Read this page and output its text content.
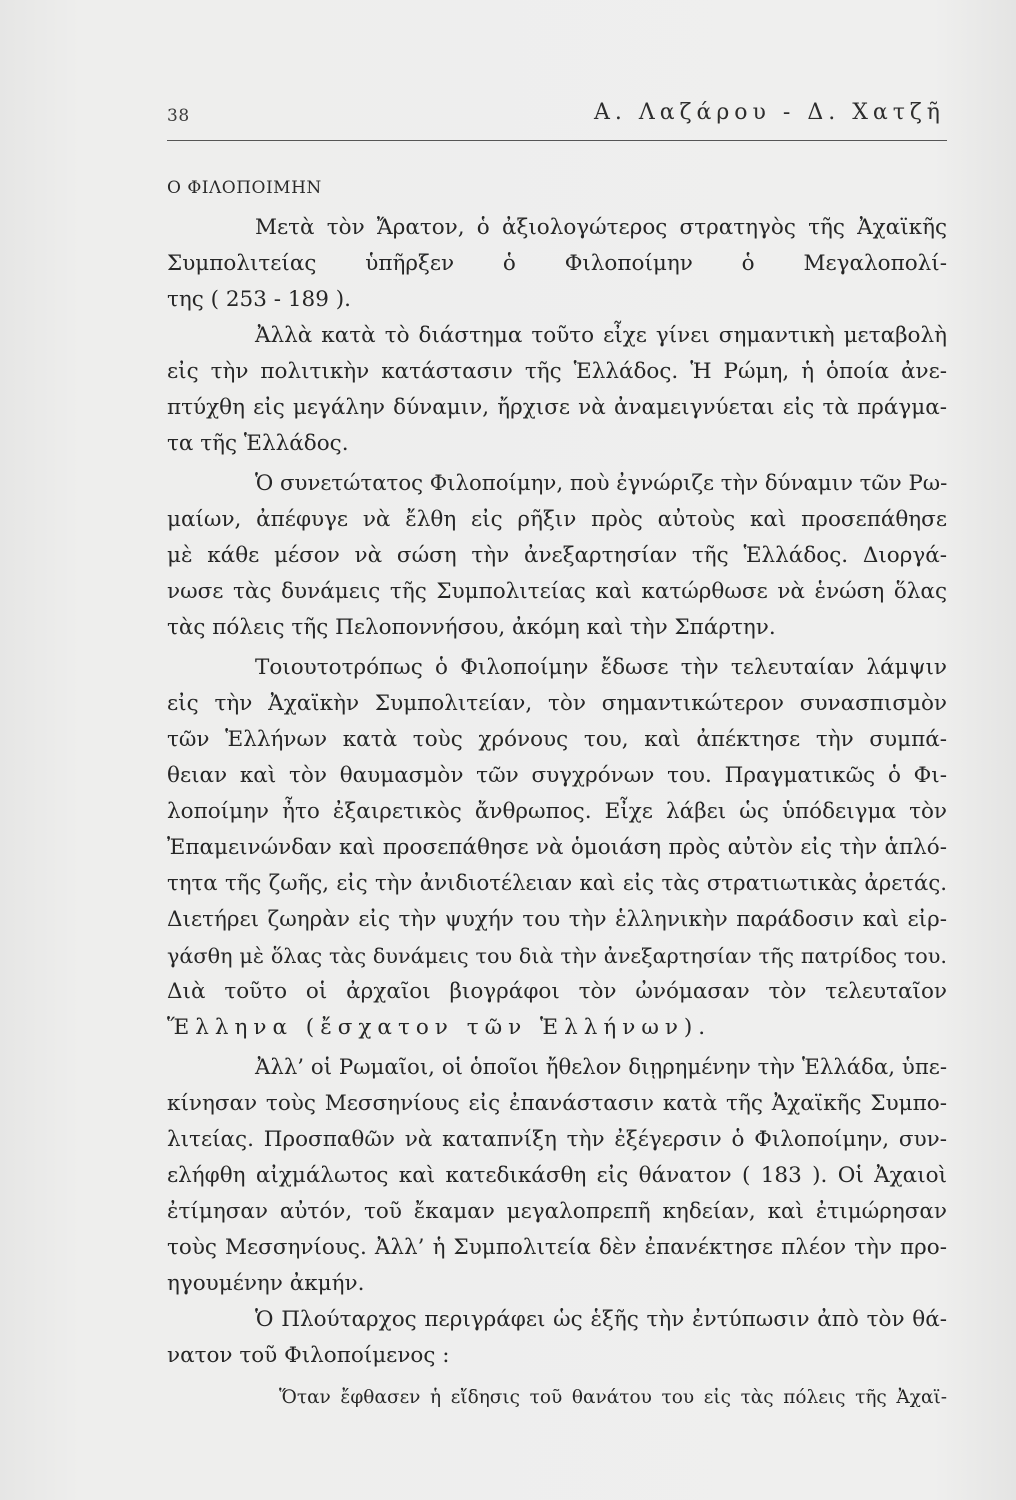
38	Α. Λαζάρου - Δ. Χατζῆ
Ο ΦΙΛΟΠΟΙΜΗΝ
Μετὰ τὸν Ἄρατον, ὁ ἀξιολογώτερος στρατηγὸς τῆς Ἀχαϊκῆς
Συμπολιτείας ὑπῆρξεν ὁ Φιλοποίμην ὁ Μεγαλοπολί-
της ( 253 - 189 ).
Ἀλλὰ κατὰ τὸ διάστημα τοῦτο εἶχε γίνει σημαντικὴ μεταβολὴ
εἰς τὴν πολιτικὴν κατάστασιν τῆς Ἑλλάδος. Ἡ Ρώμη, ἡ ὁποία ἀνε-
πτύχθη εἰς μεγάλην δύναμιν, ἤρχισε νὰ ἀναμειγνύεται εἰς τὰ πράγμα-
τα τῆς Ἑλλάδος.
Ὁ συνετώτατος Φιλοποίμην, ποὺ ἐγνώριζε τὴν δύναμιν τῶν Ρω-
μαίων, ἀπέφυγε νὰ ἔλθη εἰς ρῆξιν πρὸς αὐτοὺς καὶ προσεπάθησε
μὲ κάθε μέσον νὰ σώση τὴν ἀνεξαρτησίαν τῆς Ἑλλάδος. Διοργά-
νωσε τὰς δυνάμεις τῆς Συμπολιτείας καὶ κατώρθωσε νὰ ἑνώση ὅλας
τὰς πόλεις τῆς Πελοποννήσου, ἀκόμη καὶ τὴν Σπάρτην.
Τοιουτοτρόπως ὁ Φιλοποίμην ἔδωσε τὴν τελευταίαν λάμψιν
εἰς τὴν Ἀχαϊκὴν Συμπολιτείαν, τὸν σημαντικώτερον συνασπισμὸν
τῶν Ἑλλήνων κατὰ τοὺς χρόνους του, καὶ ἀπέκτησε τὴν συμπά-
θειαν καὶ τὸν θαυμασμὸν τῶν συγχρόνων του. Πραγματικῶς ὁ Φι-
λοποίμην ἦτο ἐξαιρετικὸς ἄνθρωπος. Εἶχε λάβει ὡς ὑπόδειγμα τὸν
Ἐπαμεινώνδαν καὶ προσεπάθησε νὰ ὁμοιάση πρὸς αὐτὸν εἰς τὴν ἁπλό-
τητα τῆς ζωῆς, εἰς τὴν ἀνιδιοτέλειαν καὶ εἰς τὰς στρατιωτικὰς ἀρετάς.
Διετήρει ζωηρὰν εἰς τὴν ψυχήν του τὴν ἑλληνικὴν παράδοσιν καὶ εἰρ-
γάσθη μὲ ὅλας τὰς δυνάμεις του διὰ τὴν ἀνεξαρτησίαν τῆς πατρίδος του.
Διὰ τοῦτο οἱ ἀρχαῖοι βιογράφοι τὸν ὠνόμασαν τὸν τελευταῖον
Ἕλληνα (ἔσχατον τῶν Ἑλλήνων).
Ἀλλ’ οἱ Ρωμαῖοι, οἱ ὁποῖοι ἤθελον διῃρημένην τὴν Ἑλλάδα, ὑπε-
κίνησαν τοὺς Μεσσηνίους εἰς ἐπανάστασιν κατὰ τῆς Ἀχαϊκῆς Συμπο-
λιτείας. Προσπαθῶν νὰ καταπνίξη τὴν ἐξέγερσιν ὁ Φιλοποίμην, συν-
ελήφθη αἰχμάλωτος καὶ κατεδικάσθη εἰς θάνατον ( 183 ). Οἱ Ἀχαιοὶ
ἐτίμησαν αὐτόν, τοῦ ἔκαμαν μεγαλοπρεπῆ κηδείαν, καὶ ἐτιμώρησαν
τοὺς Μεσσηνίους. Ἀλλ’ ἡ Συμπολιτεία δὲν ἐπανέκτησε πλέον τὴν προ-
ηγουμένην ἀκμήν.
Ὁ Πλούταρχος περιγράφει ὡς ἑξῆς τὴν ἐντύπωσιν ἀπὸ τὸν θά-
νατον τοῦ Φιλοποίμενος :
Ὅταν ἔφθασεν ἡ εἴδησις τοῦ θανάτου του εἰς τὰς πόλεις τῆς Ἀχαϊ-
